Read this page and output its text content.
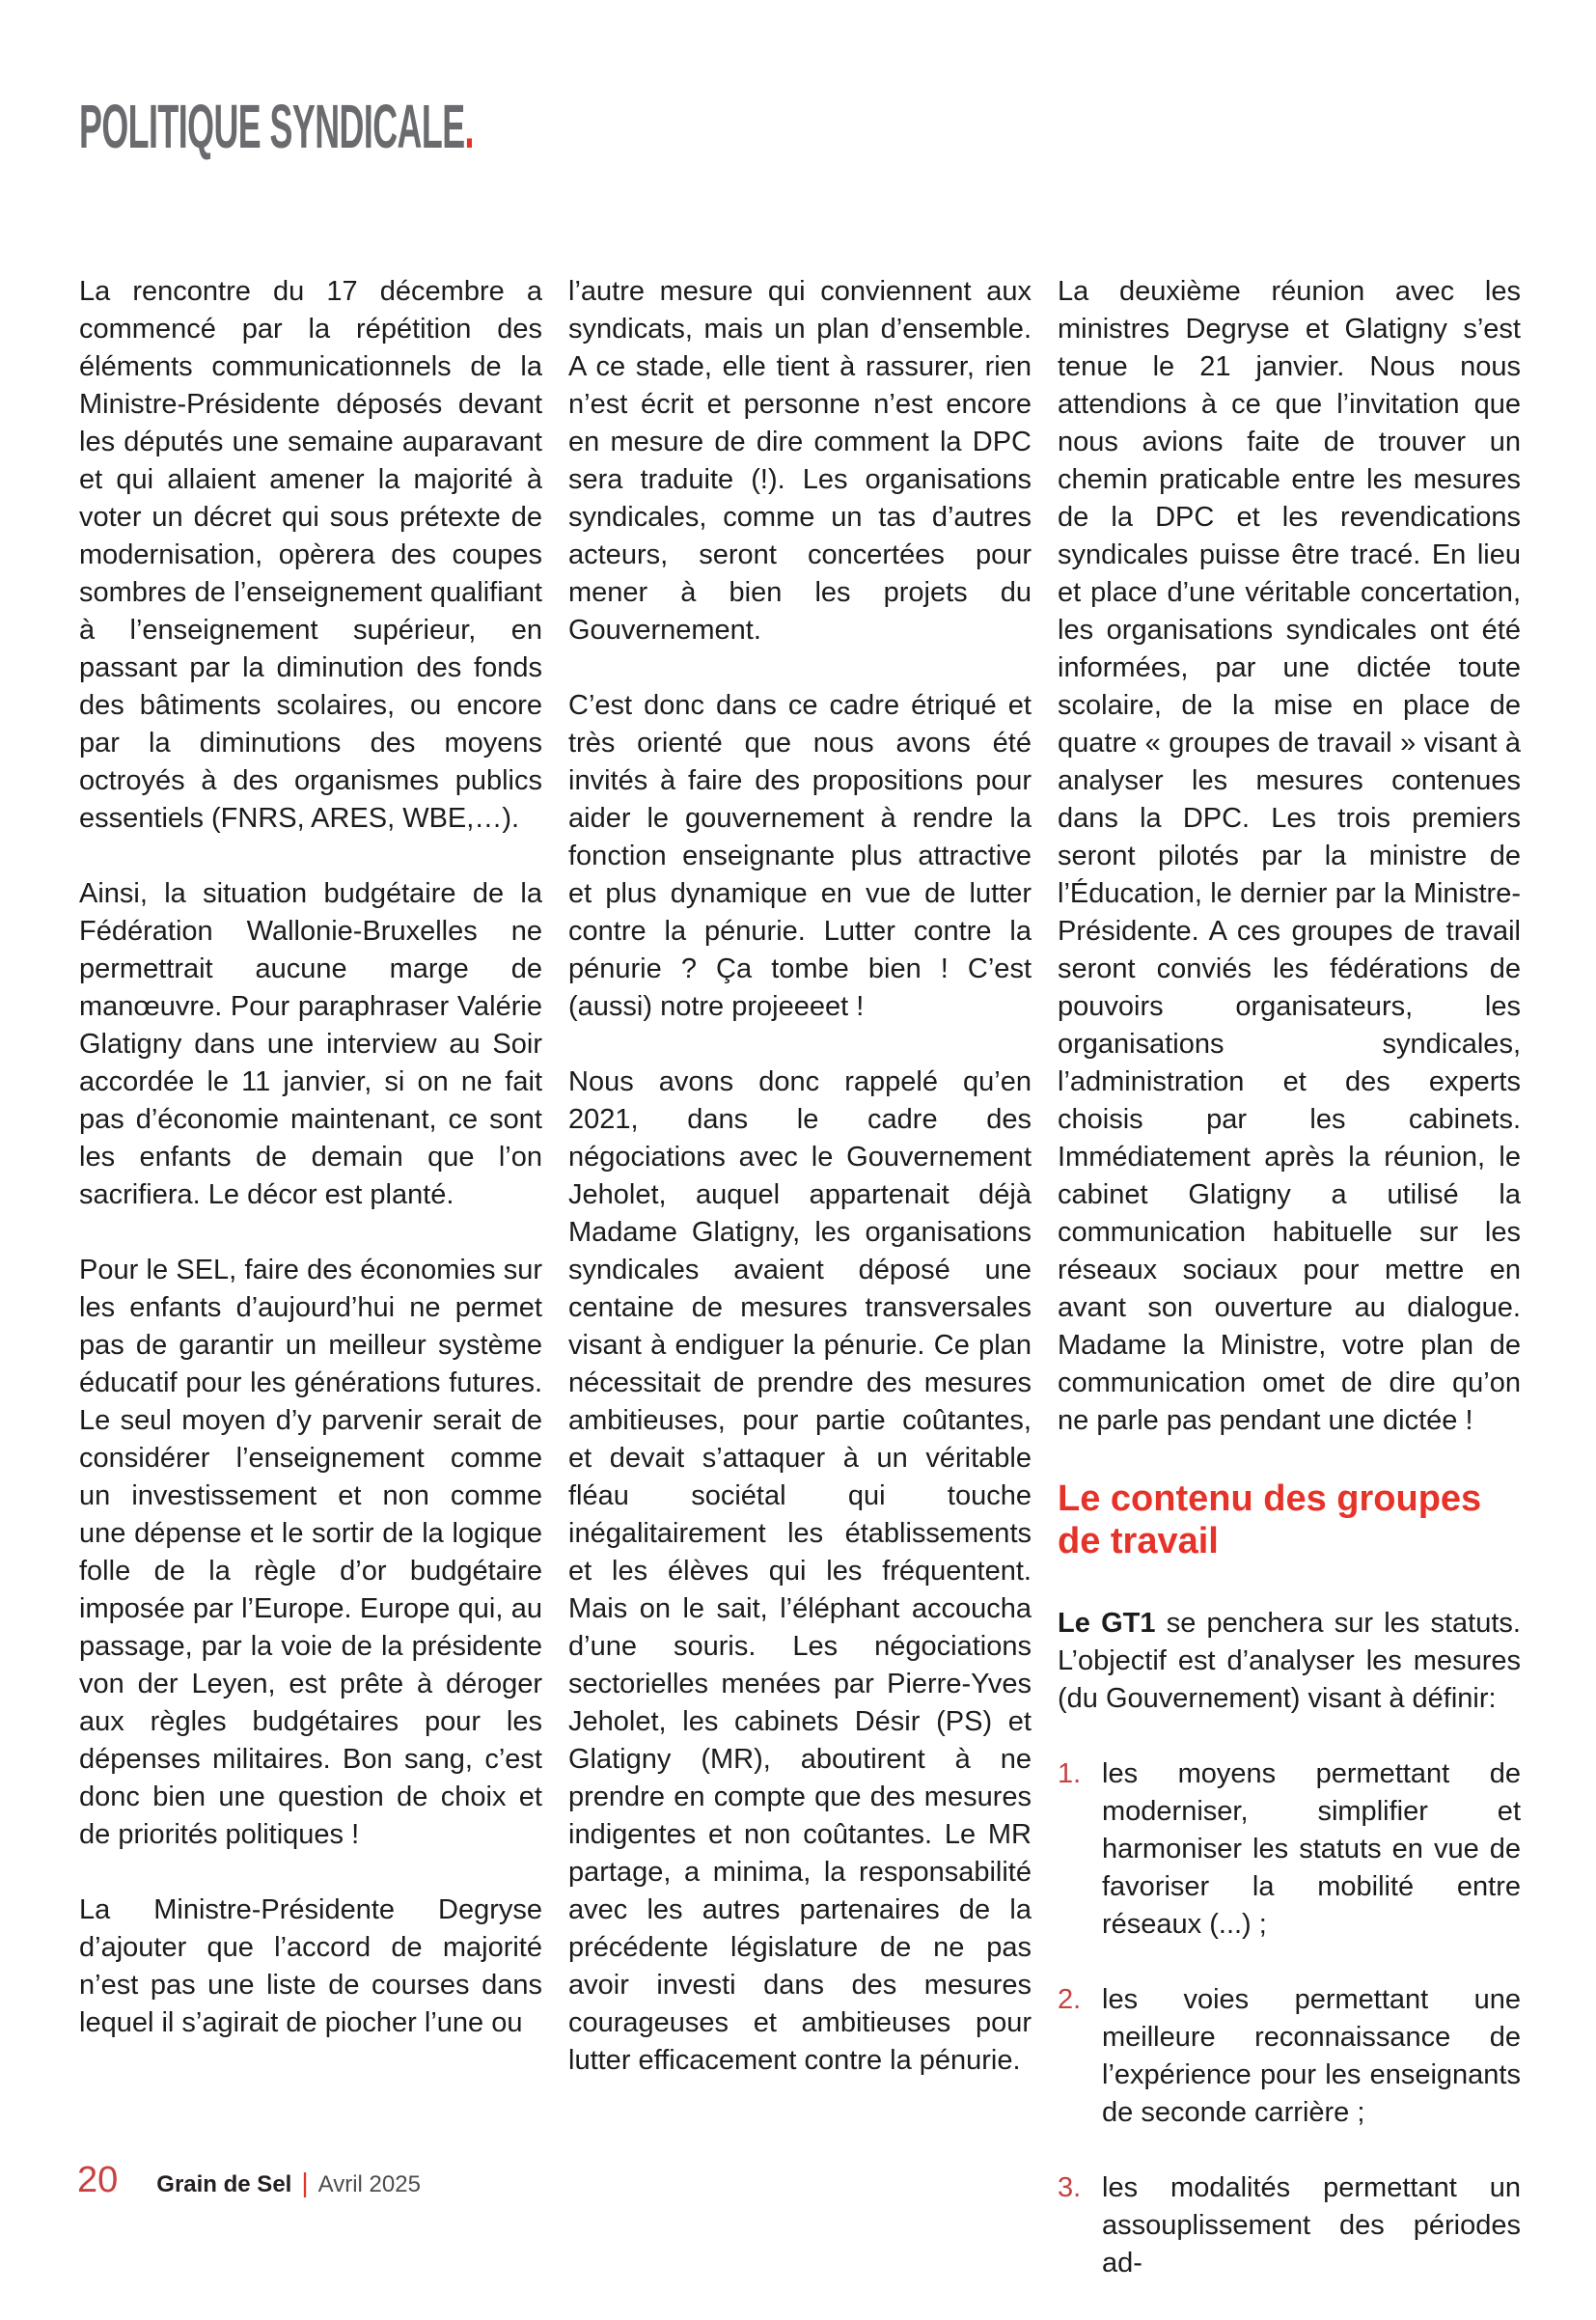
POLITIQUE SYNDICALE.

La rencontre du 17 décembre a commencé par la répétition des éléments communicationnels de la Ministre-Présidente déposés devant les députés une semaine auparavant et qui allaient amener la majorité à voter un décret qui sous prétexte de modernisation, opèrera des coupes sombres de l’enseignement qualifiant à l’enseignement supérieur, en passant par la diminution des fonds des bâtiments scolaires, ou encore par la diminutions des moyens octroyés à des organismes publics essentiels (FNRS, ARES, WBE,…).

Ainsi, la situation budgétaire de la Fédération Wallonie-Bruxelles ne permettrait aucune marge de manœuvre. Pour paraphraser Valérie Glatigny dans une interview au Soir accordée le 11 janvier, si on ne fait pas d’économie maintenant, ce sont les enfants de demain que l’on sacrifiera. Le décor est planté.

Pour le SEL, faire des économies sur les enfants d’aujourd’hui ne permet pas de garantir un meilleur système éducatif pour les générations futures. Le seul moyen d’y parvenir serait de considérer l’enseignement comme un investissement et non comme une dépense et le sortir de la logique folle de la règle d’or budgétaire imposée par l’Europe. Europe qui, au passage, par la voie de la présidente von der Leyen, est prête à déroger aux règles budgétaires pour les dépenses militaires. Bon sang, c’est donc bien une question de choix et de priorités politiques !

La Ministre-Présidente Degryse d’ajouter que l’accord de majorité n’est pas une liste de courses dans lequel il s’agirait de piocher l’une ou

l’autre mesure qui conviennent aux syndicats, mais un plan d’ensemble. A ce stade, elle tient à rassurer, rien n’est écrit et personne n’est encore en mesure de dire comment la DPC sera traduite (!). Les organisations syndicales, comme un tas d’autres acteurs, seront concertées pour mener à bien les projets du Gouvernement.

C’est donc dans ce cadre étriqué et très orienté que nous avons été invités à faire des propositions pour aider le gouvernement à rendre la fonction enseignante plus attractive et plus dynamique en vue de lutter contre la pénurie. Lutter contre la pénurie ? Ça tombe bien ! C’est (aussi) notre projeeeet !

Nous avons donc rappelé qu’en 2021, dans le cadre des négociations avec le Gouvernement Jeholet, auquel appartenait déjà Madame Glatigny, les organisations syndicales avaient déposé une centaine de mesures transversales visant à endiguer la pénurie. Ce plan nécessitait de prendre des mesures ambitieuses, pour partie coûtantes, et devait s’attaquer à un véritable fléau sociétal qui touche inégalitairement les établissements et les élèves qui les fréquentent. Mais on le sait, l’éléphant accoucha d’une souris. Les négociations sectorielles menées par Pierre-Yves Jeholet, les cabinets Désir (PS) et Glatigny (MR), aboutirent à ne prendre en compte que des mesures indigentes et non coûtantes. Le MR partage, a minima, la responsabilité avec les autres partenaires de la précédente législature de ne pas avoir investi dans des mesures courageuses et ambitieuses pour lutter efficacement contre la pénurie.

La deuxième réunion avec les ministres Degryse et Glatigny s’est tenue le 21 janvier. Nous nous attendions à ce que l’invitation que nous avions faite de trouver un chemin praticable entre les mesures de la DPC et les revendications syndicales puisse être tracé. En lieu et place d’une véritable concertation, les organisations syndicales ont été informées, par une dictée toute scolaire, de la mise en place de quatre « groupes de travail » visant à analyser les mesures contenues dans la DPC. Les trois premiers seront pilotés par la ministre de l’Éducation, le dernier par la Ministre-Présidente. A ces groupes de travail seront conviés les fédérations de pouvoirs organisateurs, les organisations syndicales, l’administration et des experts choisis par les cabinets. Immédiatement après la réunion, le cabinet Glatigny a utilisé la communication habituelle sur les réseaux sociaux pour mettre en avant son ouverture au dialogue. Madame la Ministre, votre plan de communication omet de dire qu’on ne parle pas pendant une dictée !

Le contenu des groupes de travail

Le GT1 se penchera sur les statuts. L’objectif est d’analyser les mesures (du Gouvernement) visant à définir:

1. les moyens permettant de moderniser, simplifier et harmoniser les statuts en vue de favoriser la mobilité entre réseaux (...) ;
2. les voies permettant une meilleure reconnaissance de l’expérience pour les enseignants de seconde carrière ;
3. les modalités permettant un assouplissement des périodes ad-
20 Grain de Sel | Avril 2025
